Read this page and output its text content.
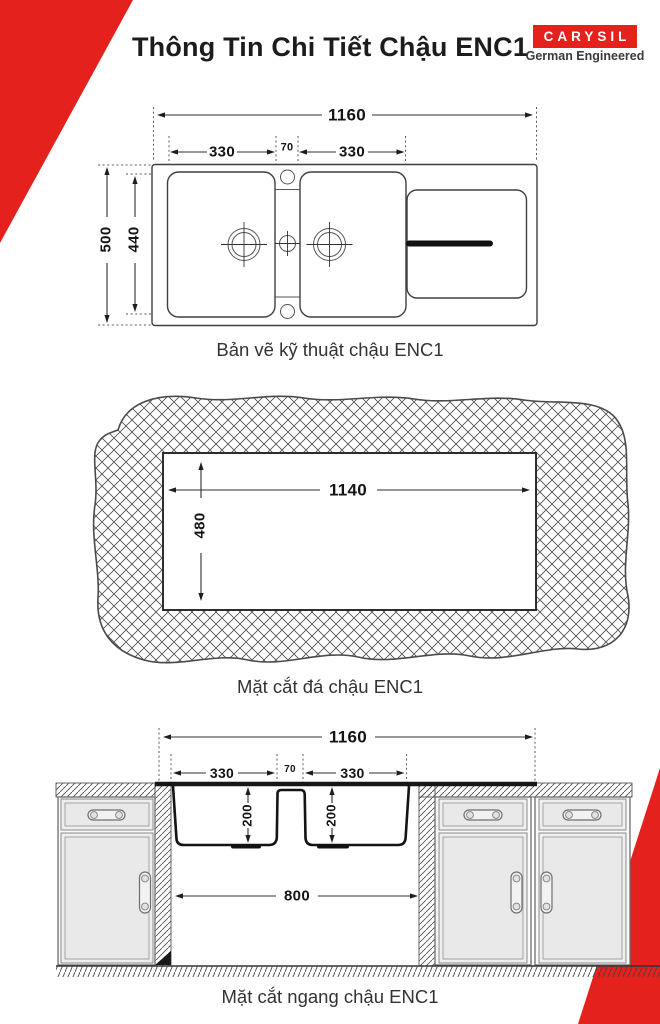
1160
330	70	330
500 440
1140
480
1160
330	70	330
200	200
800
Thông Tin Chi Tiết Chậu ENC1	CARYSIL
German Engineered
Bản vẽ kỹ thuật chậu ENC1
Mặt cắt đá chậu ENC1
Mặt cắt ngang chậu ENC1
